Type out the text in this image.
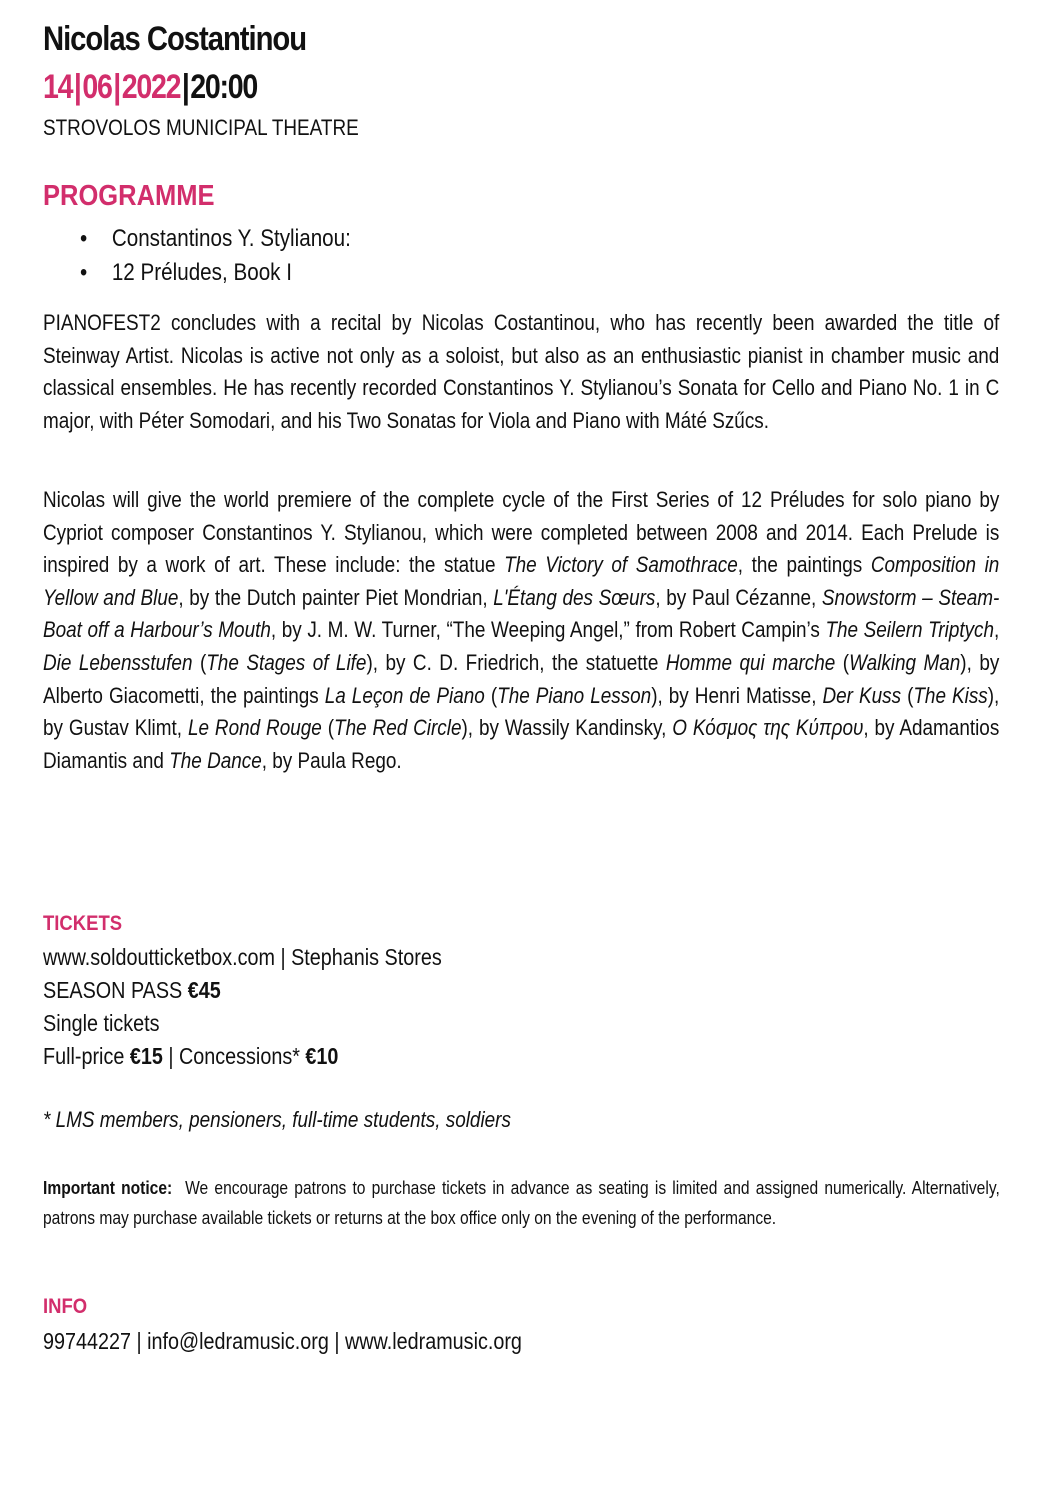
Nicolas Costantinou
14|06|2022|20:00
STROVOLOS MUNICIPAL THEATRE
PROGRAMME
• Constantinos Y. Stylianou:
• 12 Préludes, Book I

PIANOFEST2 concludes with a recital by Nicolas Costantinou, who has recently been awarded the title of Steinway Artist. Nicolas is active not only as a soloist, but also as an enthusiastic pianist in chamber music and classical ensembles. He has recently recorded Constantinos Y. Stylianou’s Sonata for Cello and Piano No. 1 in C major, with Péter Somodari, and his Two Sonatas for Viola and Piano with Máté Szűcs.

Nicolas will give the world premiere of the complete cycle of the First Series of 12 Préludes for solo piano by Cypriot composer Constantinos Y. Stylianou, which were completed between 2008 and 2014. Each Prelude is inspired by a work of art. These include: the statue The Victory of Samothrace, the paintings Composition in Yellow and Blue, by the Dutch painter Piet Mondrian, L'Étang des Sœurs, by Paul Cézanne, Snowstorm – Steam-Boat off a Harbour’s Mouth, by J. M. W. Turner, “The Weeping Angel,” from Robert Campin’s The Seilern Triptych, Die Lebensstufen (The Stages of Life), by C. D. Friedrich, the statuette Homme qui marche (Walking Man), by Alberto Giacometti, the paintings La Leçon de Piano (The Piano Lesson), by Henri Matisse, Der Kuss (The Kiss), by Gustav Klimt, Le Rond Rouge (The Red Circle), by Wassily Kandinsky, Ο Κόσμος της Κύπρου, by Adamantios Diamantis and The Dance, by Paula Rego.

TICKETS
www.soldoutticketbox.com | Stephanis Stores
SEASON PASS €45
Single tickets
Full-price €15 | Concessions* €10
* LMS members, pensioners, full-time students, soldiers

Important notice: We encourage patrons to purchase tickets in advance as seating is limited and assigned numerically. Alternatively, patrons may purchase available tickets or returns at the box office only on the evening of the performance.

INFO
99744227 | info@ledramusic.org | www.ledramusic.org
